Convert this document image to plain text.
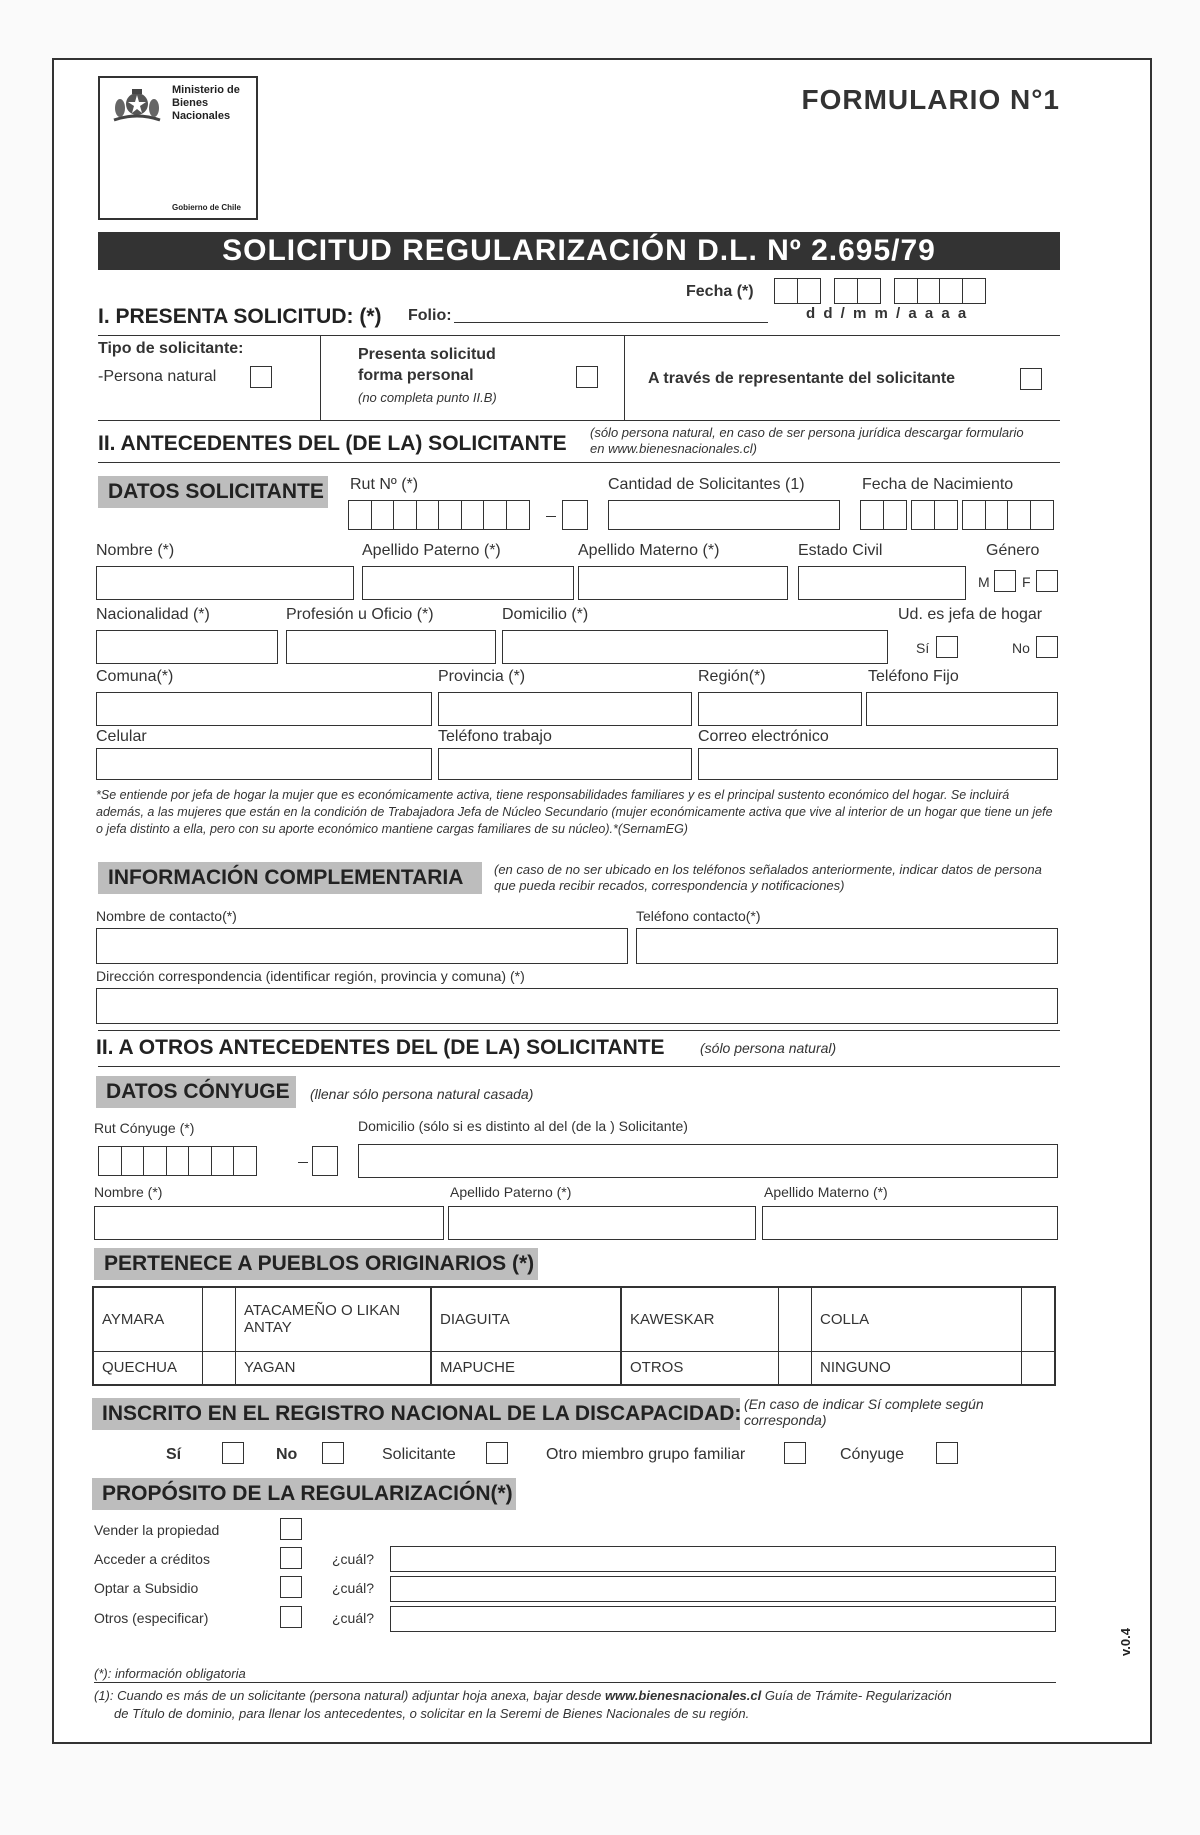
Ministerio de Bienes Nacionales
Gobierno de Chile
FORMULARIO N°1
SOLICITUD REGULARIZACIÓN D.L. Nº 2.695/79
Fecha (*)
d d / m m / a a a a
I. PRESENTA SOLICITUD: (*) Folio:
Tipo de solicitante:
-Persona natural
Presenta solicitud
forma personal
(no completa punto II.B)
A través de representante del solicitante
II. ANTECEDENTES DEL (DE LA) SOLICITANTE (sólo persona natural, en caso de ser persona jurídica descargar formulario en www.bienesnacionales.cl)
DATOS SOLICITANTE Rut Nº (*)	Cantidad de Solicitantes (1)	Fecha de Nacimiento
Nombre (*)	Apellido Paterno (*)	Apellido Materno (*)	Estado Civil	Género
M F
Nacionalidad (*)	Profesión u Oficio (*)	Domicilio (*)	Ud. es jefa de hogar
Sí	No
Comuna(*)	Provincia (*)	Región(*)	Teléfono Fijo
Celular	Teléfono trabajo	Correo electrónico
*Se entiende por jefa de hogar la mujer que es económicamente activa, tiene responsabilidades familiares y es el principal sustento económico del hogar. Se incluirá además, a las mujeres que están en la condición de Trabajadora Jefa de Núcleo Secundario (mujer económicamente activa que vive al interior de un hogar que tiene un jefe o jefa distinto a ella, pero con su aporte económico mantiene cargas familiares de su núcleo).*(SernamEG)
INFORMACIÓN COMPLEMENTARIA	(en caso de no ser ubicado en los teléfonos señalados anteriormente, indicar datos de persona que pueda recibir recados, correspondencia y notificaciones)
Nombre de contacto(*)	Teléfono contacto(*)
Dirección correspondencia (identificar región, provincia y comuna) (*)
II. A OTROS ANTECEDENTES DEL (DE LA) SOLICITANTE	(sólo persona natural)
DATOS CÓNYUGE	(llenar sólo persona natural casada)
Rut Cónyuge (*)	Domicilio (sólo si es distinto al del (de la ) Solicitante)
Nombre (*)	Apellido Paterno (*)	Apellido Materno (*)
PERTENECE A PUEBLOS ORIGINARIOS (*)
AYMARA		ATACAMEÑO O LIKAN ANTAY		DIAGUITA		KAWESKAR		COLLA	
QUECHUA		YAGAN		MAPUCHE		OTROS		NINGUNO	
INSCRITO EN EL REGISTRO NACIONAL DE LA DISCAPACIDAD: (En caso de indicar Sí complete según corresponda)
Sí	No	Solicitante	Otro miembro grupo familiar	Cónyuge
PROPÓSITO DE LA REGULARIZACIÓN(*)
Vender la propiedad
Acceder a créditos	¿cuál?
Optar a Subsidio	¿cuál?
Otros (especificar)	¿cuál?
(*): información obligatoria
(1): Cuando es más de un solicitante (persona natural) adjuntar hoja anexa, bajar desde www.bienesnacionales.cl Guía de Trámite- Regularización
de Título de dominio, para llenar los antecedentes, o solicitar en la Seremi de Bienes Nacionales de su región.
v.0.4
